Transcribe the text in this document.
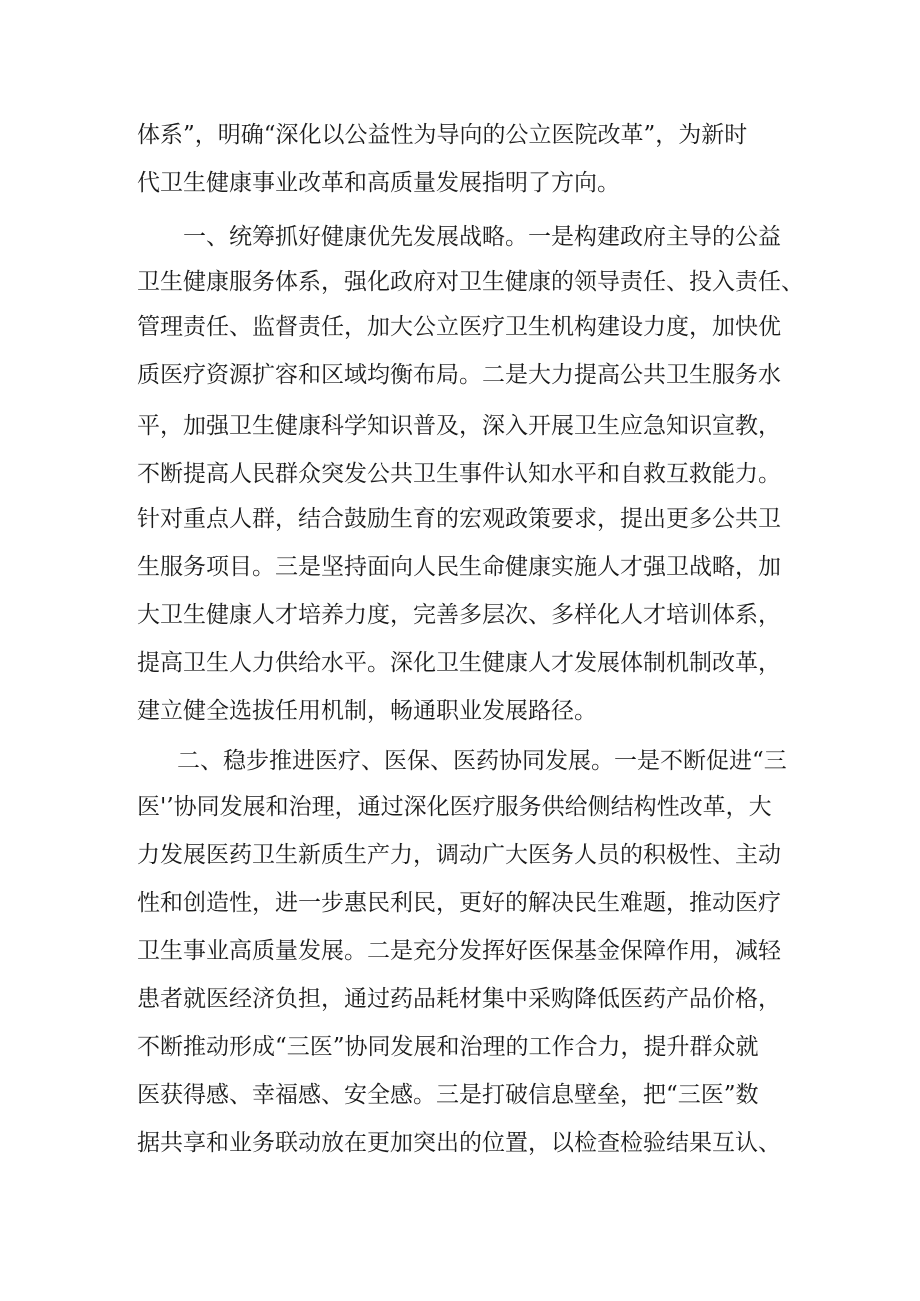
体系”，明确“深化以公益性为导向的公立医院改革”，为新时
代卫生健康事业改革和高质量发展指明了方向。
一、统筹抓好健康优先发展战略。一是构建政府主导的公益
卫生健康服务体系，强化政府对卫生健康的领导责任、投入责任、
管理责任、监督责任，加大公立医疗卫生机构建设力度，加快优
质医疗资源扩容和区域均衡布局。二是大力提高公共卫生服务水
平，加强卫生健康科学知识普及，深入开展卫生应急知识宣教，
不断提高人民群众突发公共卫生事件认知水平和自救互救能力。
针对重点人群，结合鼓励生育的宏观政策要求，提出更多公共卫
生服务项目。三是坚持面向人民生命健康实施人才强卫战略，加
大卫生健康人才培养力度，完善多层次、多样化人才培训体系，
提高卫生人力供给水平。深化卫生健康人才发展体制机制改革，
建立健全选拔任用机制，畅通职业发展路径。
二、稳步推进医疗、医保、医药协同发展。一是不断促进“三
医'’协同发展和治理，通过深化医疗服务供给侧结构性改革，大
力发展医药卫生新质生产力，调动广大医务人员的积极性、主动
性和创造性，进一步惠民利民，更好的解决民生难题，推动医疗
卫生事业高质量发展。二是充分发挥好医保基金保障作用，减轻
患者就医经济负担，通过药品耗材集中采购降低医药产品价格，
不断推动形成“三医”协同发展和治理的工作合力，提升群众就
医获得感、幸福感、安全感。三是打破信息壁垒，把“三医”数
据共享和业务联动放在更加突出的位置，以检查检验结果互认、
